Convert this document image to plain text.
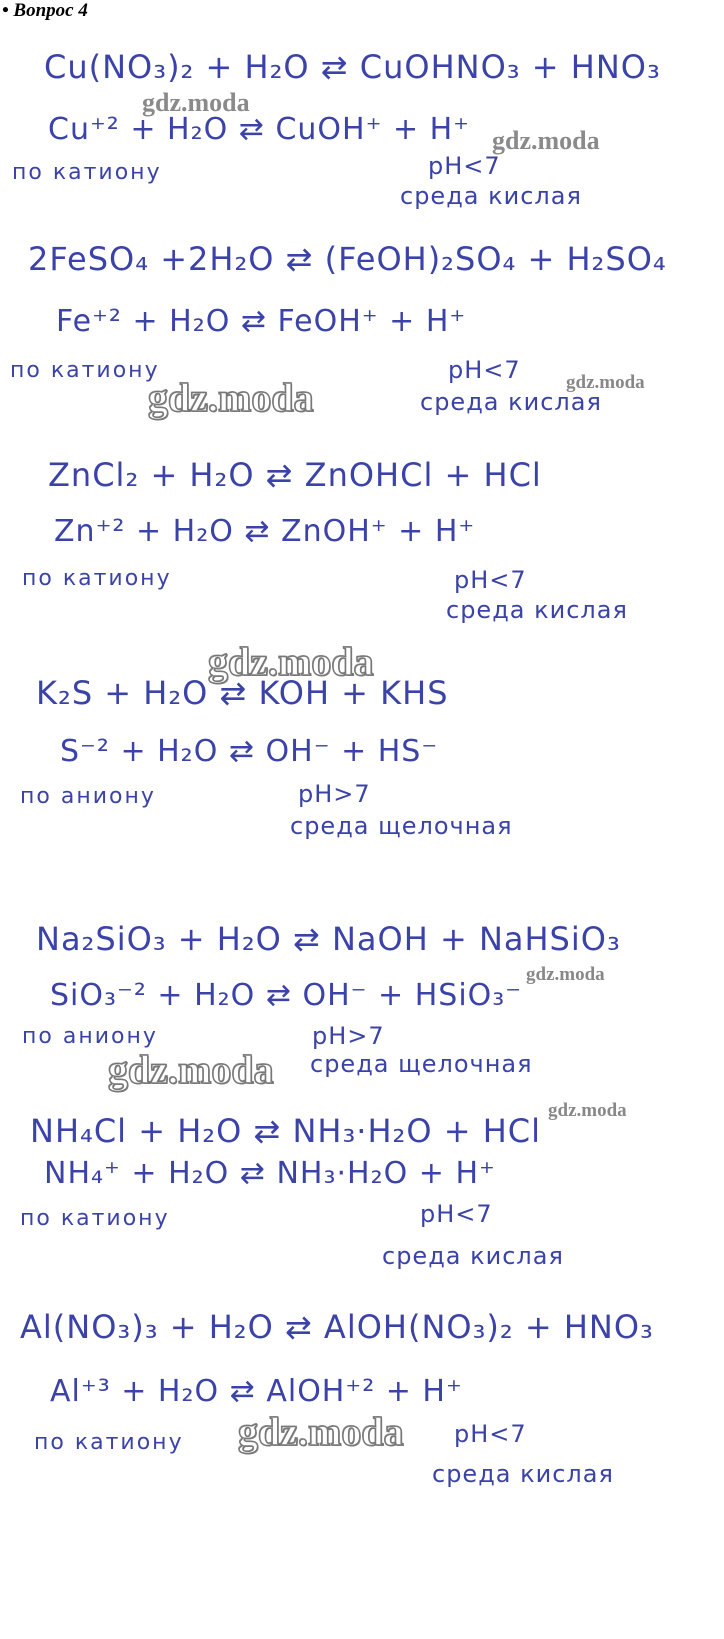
• Вопрос 4
Cu(NO₃)₂ + H₂O ⇄ CuOHNO₃ + HNO₃
Cu⁺² + H₂O ⇄ CuOH⁺ + H⁺
по катиону	pH<7
среда кислая
2FeSO₄ +2H₂O ⇄ (FeOH)₂SO₄ + H₂SO₄
Fe⁺² + H₂O ⇄ FeOH⁺ + H⁺
по катиону	pH<7
среда кислая
ZnCl₂ + H₂O ⇄ ZnOHCl + HCl
Zn⁺² + H₂O ⇄ ZnOH⁺ + H⁺
по катиону	pH<7
среда кислая
K₂S + H₂O ⇄ KOH + KHS
S⁻² + H₂O ⇄ OH⁻ + HS⁻
по аниону	pH>7
среда щелочная
Na₂SiO₃ + H₂O ⇄ NaOH + NaHSiO₃
SiO₃⁻² + H₂O ⇄ OH⁻ + HSiO₃⁻
по аниону	pH>7
среда щелочная
NH₄Cl + H₂O ⇄ NH₃·H₂O + HCl
NH₄⁺ + H₂O ⇄ NH₃·H₂O + H⁺
по катиону	pH<7
среда кислая
Al(NO₃)₃ + H₂O ⇄ AlOH(NO₃)₂ + HNO₃
Al⁺³ + H₂O ⇄ AlOH⁺² + H⁺
по катиону	pH<7
среда кислая
gdz.moda
gdz.moda
gdz.moda	gdz.moda
gdz.moda
gdz.moda
gdz.moda
gdz.moda
gdz.moda
